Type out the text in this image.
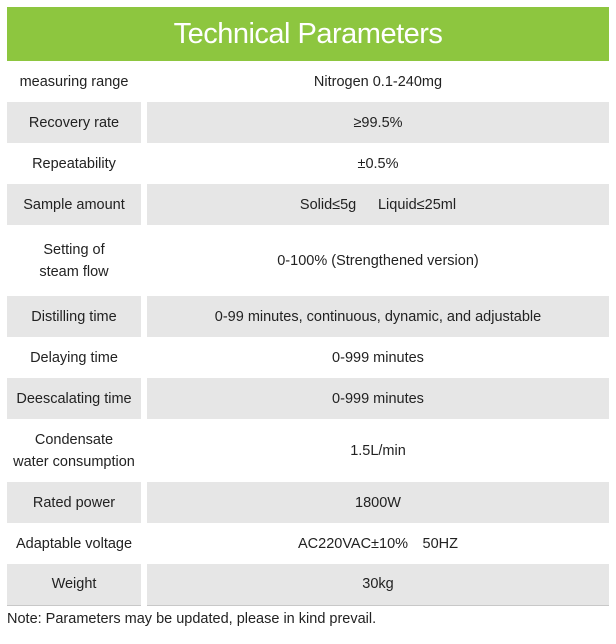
Technical Parameters
measuring range	Nitrogen 0.1-240mg
Recovery rate	≥99.5%
Repeatability	±0.5%
Sample amount	Solid≤5g  Liquid≤25ml
Setting of
steam flow	0-100% (Strengthened version)
Distilling time	0-99 minutes, continuous, dynamic, and adjustable
Delaying time	0-999 minutes
Deescalating time	0-999 minutes
Condensate
water consumption	1.5L/min
Rated power	1800W
Adaptable voltage	AC220VAC±10% 50HZ
Weight	30kg
Note: Parameters may be updated, please in kind prevail.
